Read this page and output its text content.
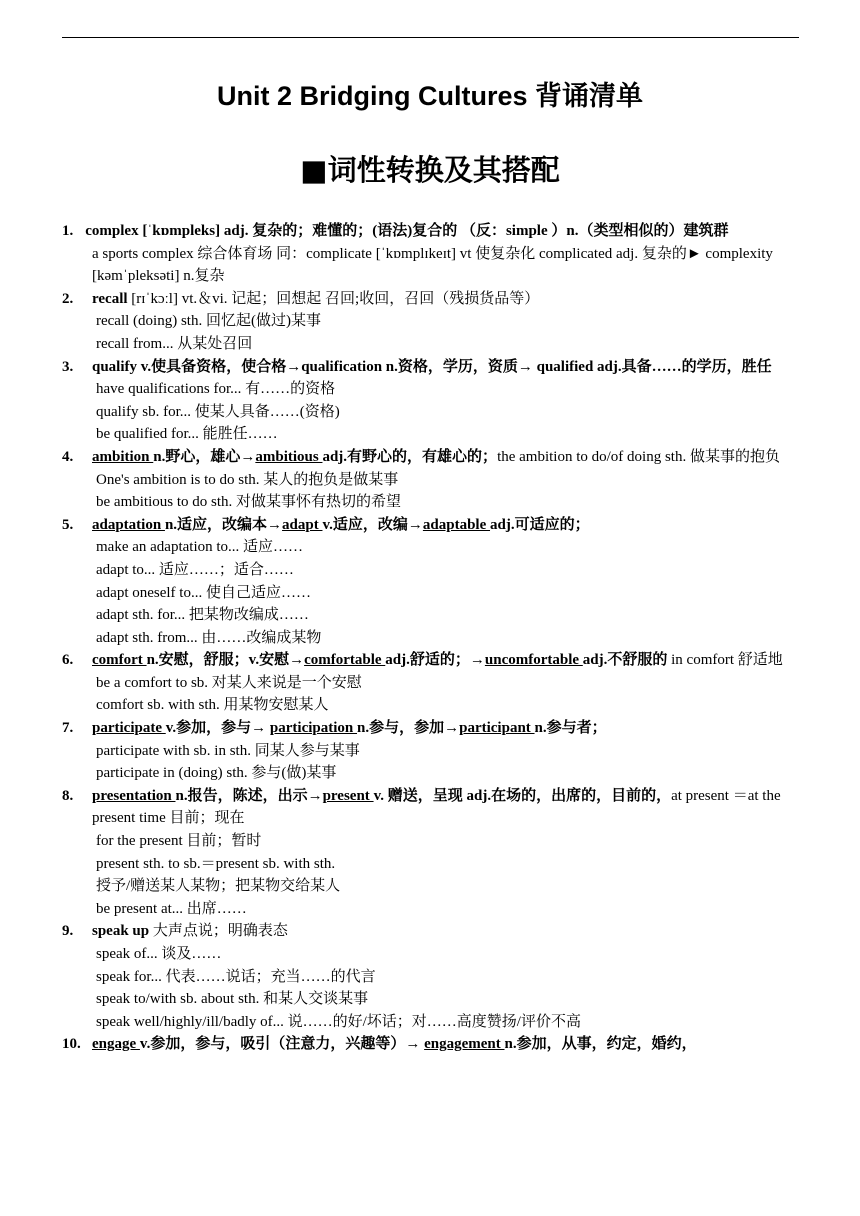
Unit 2 Bridging Cultures 背诵清单
■词性转换及其搭配
1. complex [ˈkɒmpleks] adj. 复杂的；难懂的；(语法)复合的 （反：simple ）n.（类型相似的）建筑群
a sports complex 综合体育场 同：complicate [ˈkɒmplɪkeɪt] vt 使复杂化 complicated adj. 复杂的► complexity [kəmˈpleksəti] n.复杂
2. recall [rɪˈkɔːl] vt.＆vi. 记起；回想起 召回;收回，召回（残损货品等）
recall (doing) sth. 回忆起(做过)某事
recall from... 从某处召回
3. qualify v.使具备资格，使合格→qualification n.资格，学历，资质→ qualified adj.具备……的学历，胜任
have qualifications for... 有……的资格
qualify sb. for... 使某人具备……(资格)
be qualified for... 能胜任……
4. ambition n.野心，雄心→ambitious adj.有野心的，有雄心的；the ambition to do/of doing sth. 做某事的抱负
One's ambition is to do sth. 某人的抱负是做某事
be ambitious to do sth. 对做某事怀有热切的希望
5. adaptation n.适应，改编本→adapt v.适应，改编→adaptable adj.可适应的；
make an adaptation to... 适应……
adapt to... 适应……；适合……
adapt oneself to... 使自己适应……
adapt sth. for... 把某物改编成……
adapt sth. from... 由……改编成某物
6. comfort n.安慰，舒服；v.安慰→comfortable adj.舒适的；→uncomfortable adj.不舒服的 in comfort 舒适地
be a comfort to sb. 对某人来说是一个安慰
comfort sb. with sth. 用某物安慰某人
7. participate v.参加，参与→ participation n.参与，参加→participant n.参与者；
participate with sb. in sth. 同某人参与某事
participate in (doing) sth. 参与(做)某事
8. presentation n.报告，陈述，出示→present v. 赠送，呈现 adj.在场的，出席的，目前的，at present ＝at the present time 目前；现在
for the present 目前；暂时
present sth. to sb.＝present sb. with sth.
授予/赠送某人某物；把某物交给某人
be present at... 出席……
9. speak up 大声点说；明确表态
speak of... 谈及……
speak for... 代表……说话；充当……的代言
speak to/with sb. about sth. 和某人交谈某事
speak well/highly/ill/badly of... 说……的好/坏话；对……高度赞扬/评价不高
10. engage v.参加，参与，吸引（注意力，兴趣等）→ engagement n.参加，从事，约定，婚约，
